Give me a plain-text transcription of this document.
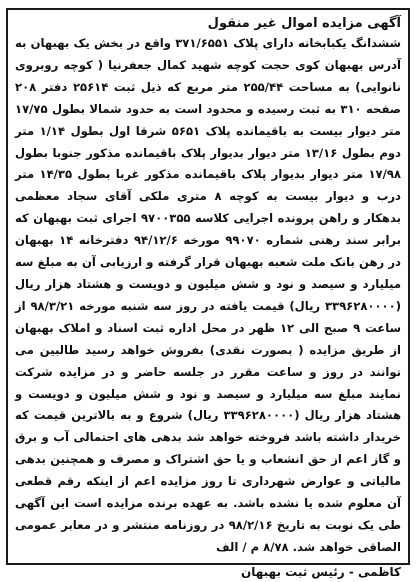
آگهی مزایده اموال غیر منقول

ششدانگ یکبابخانه دارای پلاک ۳۷۱/۶۵۵۱ واقع در بخش یک بهبهان به آدرس بهبهان کوی حجت کوچه شهید کمال جعفرنیا ( کوچه روبروی نانوایی) به مساحت ۲۵۵/۴۴ متر مربع که ذیل ثبت ۲۵۶۱۴ دفتر ۲۰۸ صفحه ۳۱۰ به ثبت رسیده و محدود است به حدود شمالا بطول ۱۷/۷۵ متر دیوار بیست به باقیمانده پلاک ۵۶۵۱ شرقا اول بطول ۱/۱۴ متر دوم بطول ۱۳/۱۶ متر دیوار بدیوار پلاک باقیمانده مذکور جنوبا بطول ۱۷/۹۸ متر دیوار بدیوار پلاک باقیمانده مذکور غربا بطول ۱۴/۳۵ متر درب و دیوار بیست به کوچه ۸ متری ملکی آقای سجاد معظمی بدهکار و راهن پرونده اجرایی کلاسه ۹۷۰۰۳۵۵ اجرای ثبت بهبهان که برابر سند رهنی شماره ۹۹۰۷۰ مورخه ۹۴/۱۲/۶ دفترخانه ۱۴ بهبهان در رهن بانک ملت شعبه بهبهان قرار گرفته و ارزیابی آن به مبلغ سه میلیارد و سیصد و نود و شش میلیون و دویست و هشتاد هزار ریال (۳۳۹۶۲۸۰۰۰۰ ریال) قیمت یافته در روز سه شنبه مورخه ۹۸/۳/۲۱ از ساعت ۹ صبح الی ۱۲ ظهر در محل اداره ثبت اسناد و املاک بهبهان از طریق مزایده ( بصورت نقدی) بفروش خواهد رسید طالبین می توانند در روز و ساعت مقرر در جلسه حاضر و در مزایده شرکت نمایند مبلغ سه میلیارد و سیصد و نود و شش میلیون و دویست و هشتاد هزار ریال (۳۳۹۶۲۸۰۰۰۰ ریال) شروع و به بالاترین قیمت که خریدار داشته باشد فروخته خواهد شد بدهی های احتمالی آب و برق و گاز اعم از حق انشعاب و یا حق اشتراک و مصرف و همچنین بدهی مالیاتی و عوارض شهرداری تا روز مزایده اعم از اینکه رقم قطعی آن معلوم شده یا نشده باشد. به عهده برنده مزایده است این آگهی طی یک نوبت به تاریخ ۹۸/۲/۱۶ در روزنامه منتشر و در معابر عمومی الصاقی خواهد شد. ۸/۷۸ م / الف

کاظمی - رئیس ثبت بهبهان
